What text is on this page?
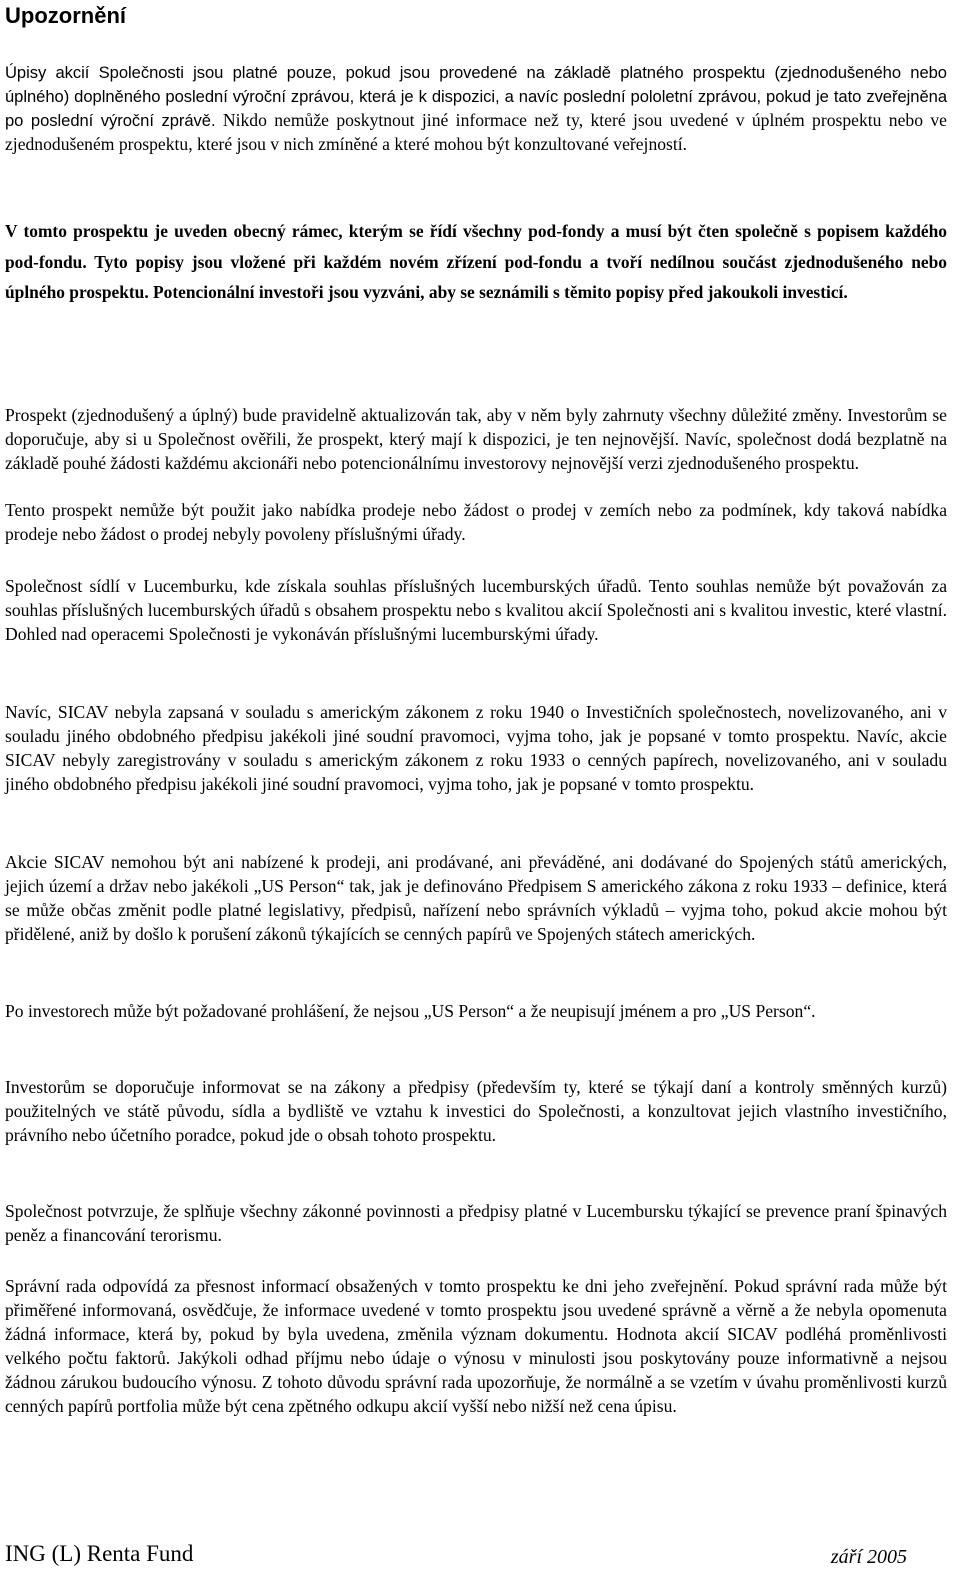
Upozornění

Úpisy akcií Společnosti jsou platné pouze, pokud jsou provedené na základě platného prospektu (zjednodušeného nebo úplného) doplněného poslední výroční zprávou, která je k dispozici, a navíc poslední pololetní zprávou, pokud je tato zveřejněna po poslední výroční zprávě. Nikdo nemůže poskytnout jiné informace než ty, které jsou uvedené v úplném prospektu nebo ve zjednodušeném prospektu, které jsou v nich zmíněné a které mohou být konzultované veřejností.

V tomto prospektu je uveden obecný rámec, kterým se řídí všechny pod-fondy a musí být čten společně s popisem každého pod-fondu. Tyto popisy jsou vložené při každém novém zřízení pod-fondu a tvoří nedílnou součást zjednodušeného nebo úplného prospektu. Potencionální investoři jsou vyzváni, aby se seznámili s těmito popisy před jakoukoli investicí.

Prospekt (zjednodušený a úplný) bude pravidelně aktualizován tak, aby v něm byly zahrnuty všechny důležité změny. Investorům se doporučuje, aby si u Společnost ověřili, že prospekt, který mají k dispozici, je ten nejnovější. Navíc, společnost dodá bezplatně na základě pouhé žádosti každému akcionáři nebo potencionálnímu investorovy nejnovější verzi zjednodušeného prospektu.

Tento prospekt nemůže být použit jako nabídka prodeje nebo žádost o prodej v zemích nebo za podmínek, kdy taková nabídka prodeje nebo žádost o prodej nebyly povoleny příslušnými úřady.

Společnost sídlí v Lucemburku, kde získala souhlas příslušných lucemburských úřadů. Tento souhlas nemůže být považován za souhlas příslušných lucemburských úřadů s obsahem prospektu nebo s kvalitou akcií Společnosti ani s kvalitou investic, které vlastní. Dohled nad operacemi Společnosti je vykonáván příslušnými lucemburskými úřady.

Navíc, SICAV nebyla zapsaná v souladu s americkým zákonem z roku 1940 o Investičních společnostech, novelizovaného, ani v souladu jiného obdobného předpisu jakékoli jiné soudní pravomoci, vyjma toho, jak je popsané v tomto prospektu. Navíc, akcie SICAV nebyly zaregistrovány v souladu s americkým zákonem z roku 1933 o cenných papírech, novelizovaného, ani v souladu jiného obdobného předpisu jakékoli jiné soudní pravomoci, vyjma toho, jak je popsané v tomto prospektu.

Akcie SICAV nemohou být ani nabízené k prodeji, ani prodávané, ani převáděné, ani dodávané do Spojených států amerických, jejich území a držav nebo jakékoli „US Person“ tak, jak je definováno Předpisem S amerického zákona z roku 1933 – definice, která se může občas změnit podle platné legislativy, předpisů, nařízení nebo správních výkladů – vyjma toho, pokud akcie mohou být přidělené, aniž by došlo k porušení zákonů týkajících se cenných papírů ve Spojených státech amerických.

Po investorech může být požadované prohlášení, že nejsou „US Person“ a že neupisují jménem a pro „US Person“.

Investorům se doporučuje informovat se na zákony a předpisy (především ty, které se týkají daní a kontroly směnných kurzů) použitelných ve státě původu, sídla a bydliště ve vztahu k investici do Společnosti, a konzultovat jejich vlastního investičního, právního nebo účetního poradce, pokud jde o obsah tohoto prospektu.

Společnost potvrzuje, že splňuje všechny zákonné povinnosti a předpisy platné v Lucembursku týkající se prevence praní špinavých peněz a financování terorismu.

Správní rada odpovídá za přesnost informací obsažených v tomto prospektu ke dni jeho zveřejnění. Pokud správní rada může být přiměřené informovaná, osvědčuje, že informace uvedené v tomto prospektu jsou uvedené správně a věrně a že nebyla opomenuta žádná informace, která by, pokud by byla uvedena, změnila význam dokumentu. Hodnota akcií SICAV podléhá proměnlivosti velkého počtu faktorů. Jakýkoli odhad příjmu nebo údaje o výnosu v minulosti jsou poskytovány pouze informativně a nejsou žádnou zárukou budoucího výnosu. Z tohoto důvodu správní rada upozorňuje, že normálně a se vzetím v úvahu proměnlivosti kurzů cenných papírů portfolia může být cena zpětného odkupu akcií vyšší nebo nižší než cena úpisu.

ING (L) Renta Fund	září 2005
